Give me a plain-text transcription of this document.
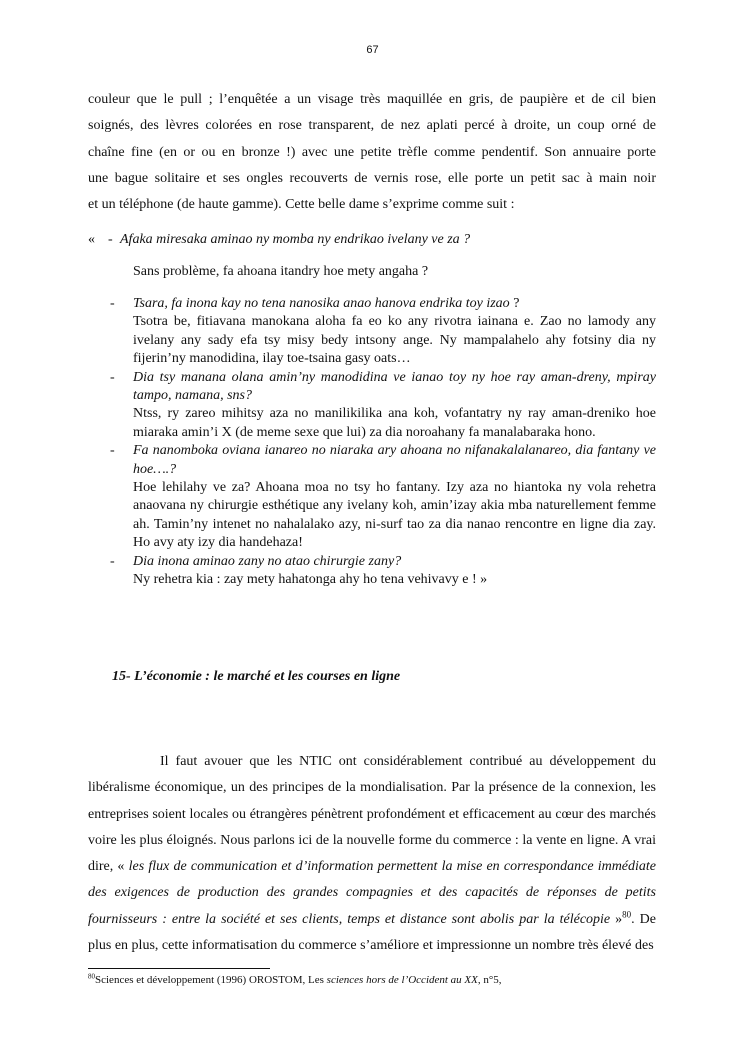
67

couleur que le pull ; l’enquêtée a un visage très maquillée en gris, de paupière et de cil bien
soignés, des lèvres colorées en rose transparent, de nez aplati percé à droite, un coup orné de
chaîne fine (en or ou en bronze !) avec une petite trèfle comme pendentif. Son annuaire porte
une bague solitaire et ses ongles recouverts de vernis rose, elle porte un petit sac à main noir
et un téléphone (de haute gamme). Cette belle dame s’exprime comme suit :

« - Afaka miresaka aminao ny momba ny endrikao ivelany ve za ?
Sans problème, fa ahoana itandry hoe mety angaha ?
- Tsara, fa inona kay no tena nanosika anao hanova endrika toy izao ?
Tsotra be, fitiavana manokana aloha fa eo ko any rivotra iainana e. Zao no lamody any ivelany any sady efa tsy misy bedy intsony ange. Ny mampalahelo ahy fotsiny dia ny fijerin’ny manodidina, ilay toe-tsaina gasy oats…
- Dia tsy manana olana amin’ny manodidina ve ianao toy ny hoe ray aman-dreny, mpiray tampo, namana, sns?
Ntss, ry zareo mihitsy aza no manilikilika ana koh, vofantatry ny ray aman-dreniko hoe miaraka amin’i X (de meme sexe que lui) za dia noroahany fa manalabaraka hono.
- Fa nanomboka oviana ianareo no niaraka ary ahoana no nifanakalalanareo, dia fantany ve hoe….?
Hoe lehilahy ve za? Ahoana moa no tsy ho fantany. Izy aza no hiantoka ny vola rehetra anaovana ny chirurgie esthétique any ivelany koh, amin’izay akia mba naturellement femme ah. Tamin’ny intenet no nahalalako azy, ni-surf tao za dia nanao rencontre en ligne dia zay. Ho avy aty izy dia handehaza!
- Dia inona aminao zany no atao chirurgie zany?
Ny rehetra kia : zay mety hahatonga ahy ho tena vehivavy e ! »
15- L’économie : le marché et les courses en ligne

Il faut avouer que les NTIC ont considérablement contribué au développement du libéralisme économique, un des principes de la mondialisation. Par la présence de la connexion, les entreprises soient locales ou étrangères pénètrent profondément et efficacement au cœur des marchés voire les plus éloignés. Nous parlons ici de la nouvelle forme du commerce : la vente en ligne. A vrai dire, « les flux de communication et d’information permettent la mise en correspondance immédiate des exigences de production des grandes compagnies et des capacités de réponses de petits fournisseurs : entre la société et ses clients, temps et distance sont abolis par la télécopie »$^{80}$. De plus en plus, cette informatisation du commerce s’améliore et impressionne un nombre très élevé des

$^{80}$Sciences et développement (1996) OROSTOM, Les sciences hors de l’Occident au XX, n°5,
